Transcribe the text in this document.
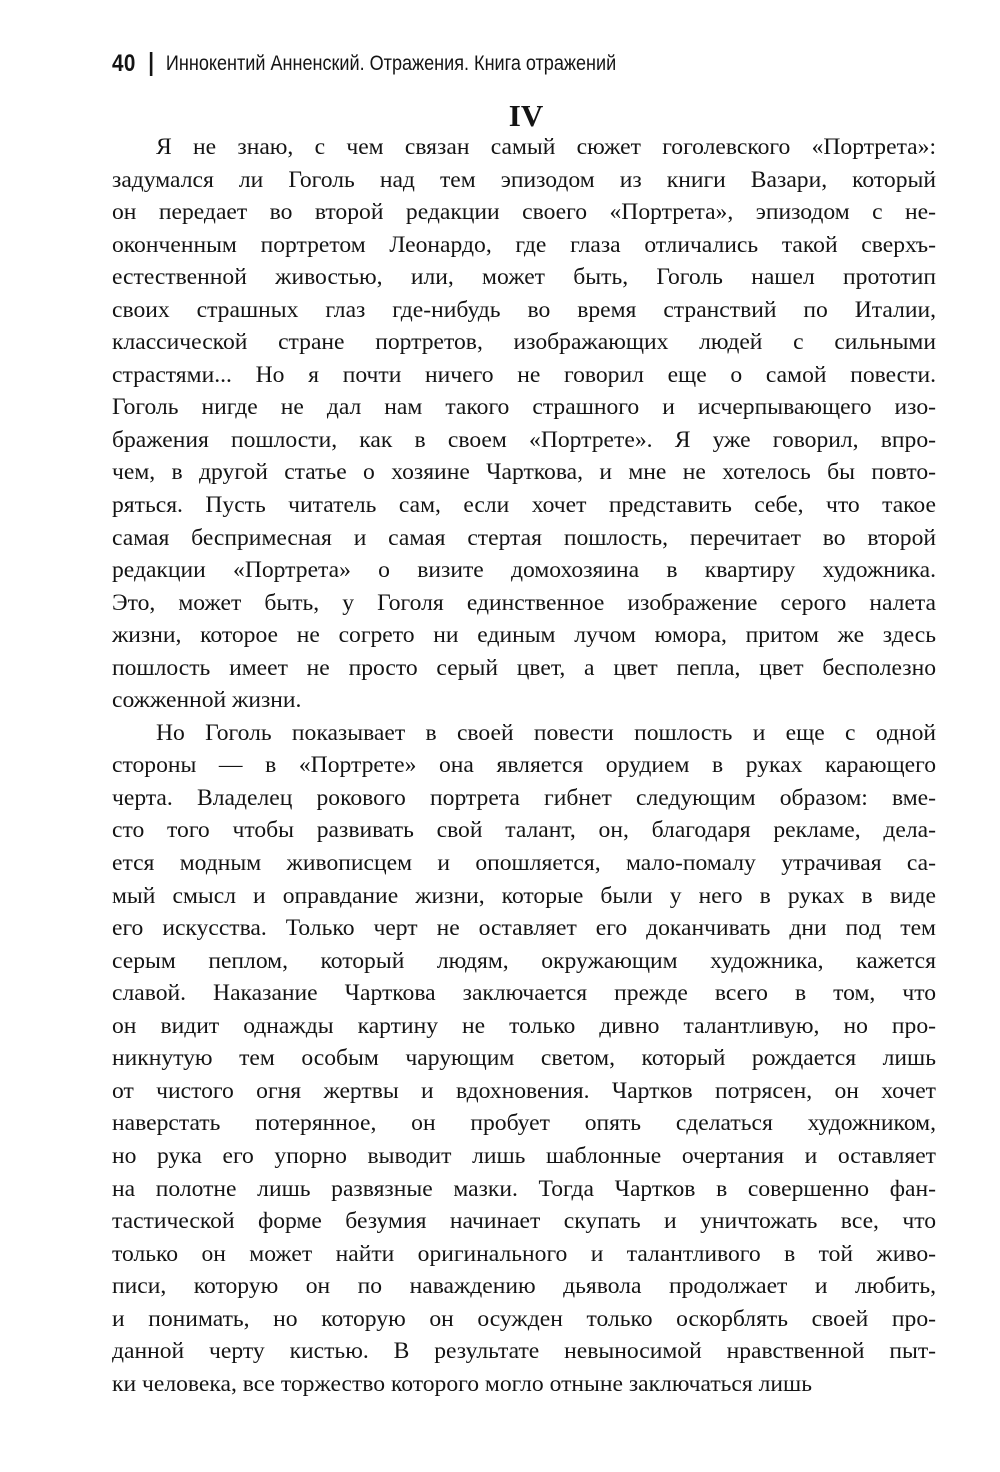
40 Иннокентий Анненский. Отражения. Книга отражений
IV
Я не знаю, с чем связан самый сюжет гоголевского «Портрета»:
задумался ли Гоголь над тем эпизодом из книги Вазари, который
он передает во второй редакции своего «Портрета», эпизодом с не-
оконченным портретом Леонардо, где глаза отличались такой сверхъ-
естественной живостью, или, может быть, Гоголь нашел прототип
своих страшных глаз где-нибудь во время странствий по Италии,
классической стране портретов, изображающих людей с сильными
страстями... Но я почти ничего не говорил еще о самой повести.
Гоголь нигде не дал нам такого страшного и исчерпывающего изо-
бражения пошлости, как в своем «Портрете». Я уже говорил, впро-
чем, в другой статье о хозяине Чарткова, и мне не хотелось бы повто-
ряться. Пусть читатель сам, если хочет представить себе, что такое
самая беспримесная и самая стертая пошлость, перечитает во второй
редакции «Портрета» о визите домохозяина в квартиру художника.
Это, может быть, у Гоголя единственное изображение серого налета
жизни, которое не согрето ни единым лучом юмора, притом же здесь
пошлость имеет не просто серый цвет, а цвет пепла, цвет бесполезно
сожженной жизни.
Но Гоголь показывает в своей повести пошлость и еще с одной
стороны — в «Портрете» она является орудием в руках карающего
черта. Владелец рокового портрета гибнет следующим образом: вме-
сто того чтобы развивать свой талант, он, благодаря рекламе, дела-
ется модным живописцем и опошляется, мало-помалу утрачивая са-
мый смысл и оправдание жизни, которые были у него в руках в виде
его искусства. Только черт не оставляет его доканчивать дни под тем
серым пеплом, который людям, окружающим художника, кажется
славой. Наказание Чарткова заключается прежде всего в том, что
он видит однажды картину не только дивно талантливую, но про-
никнутую тем особым чарующим светом, который рождается лишь
от чистого огня жертвы и вдохновения. Чартков потрясен, он хочет
наверстать потерянное, он пробует опять сделаться художником,
но рука его упорно выводит лишь шаблонные очертания и оставляет
на полотне лишь развязные мазки. Тогда Чартков в совершенно фан-
тастической форме безумия начинает скупать и уничтожать все, что
только он может найти оригинального и талантливого в той живо-
писи, которую он по наваждению дьявола продолжает и любить,
и понимать, но которую он осужден только оскорблять своей про-
данной черту кистью. В результате невыносимой нравственной пыт-
ки человека, все торжество которого могло отныне заключаться лишь
